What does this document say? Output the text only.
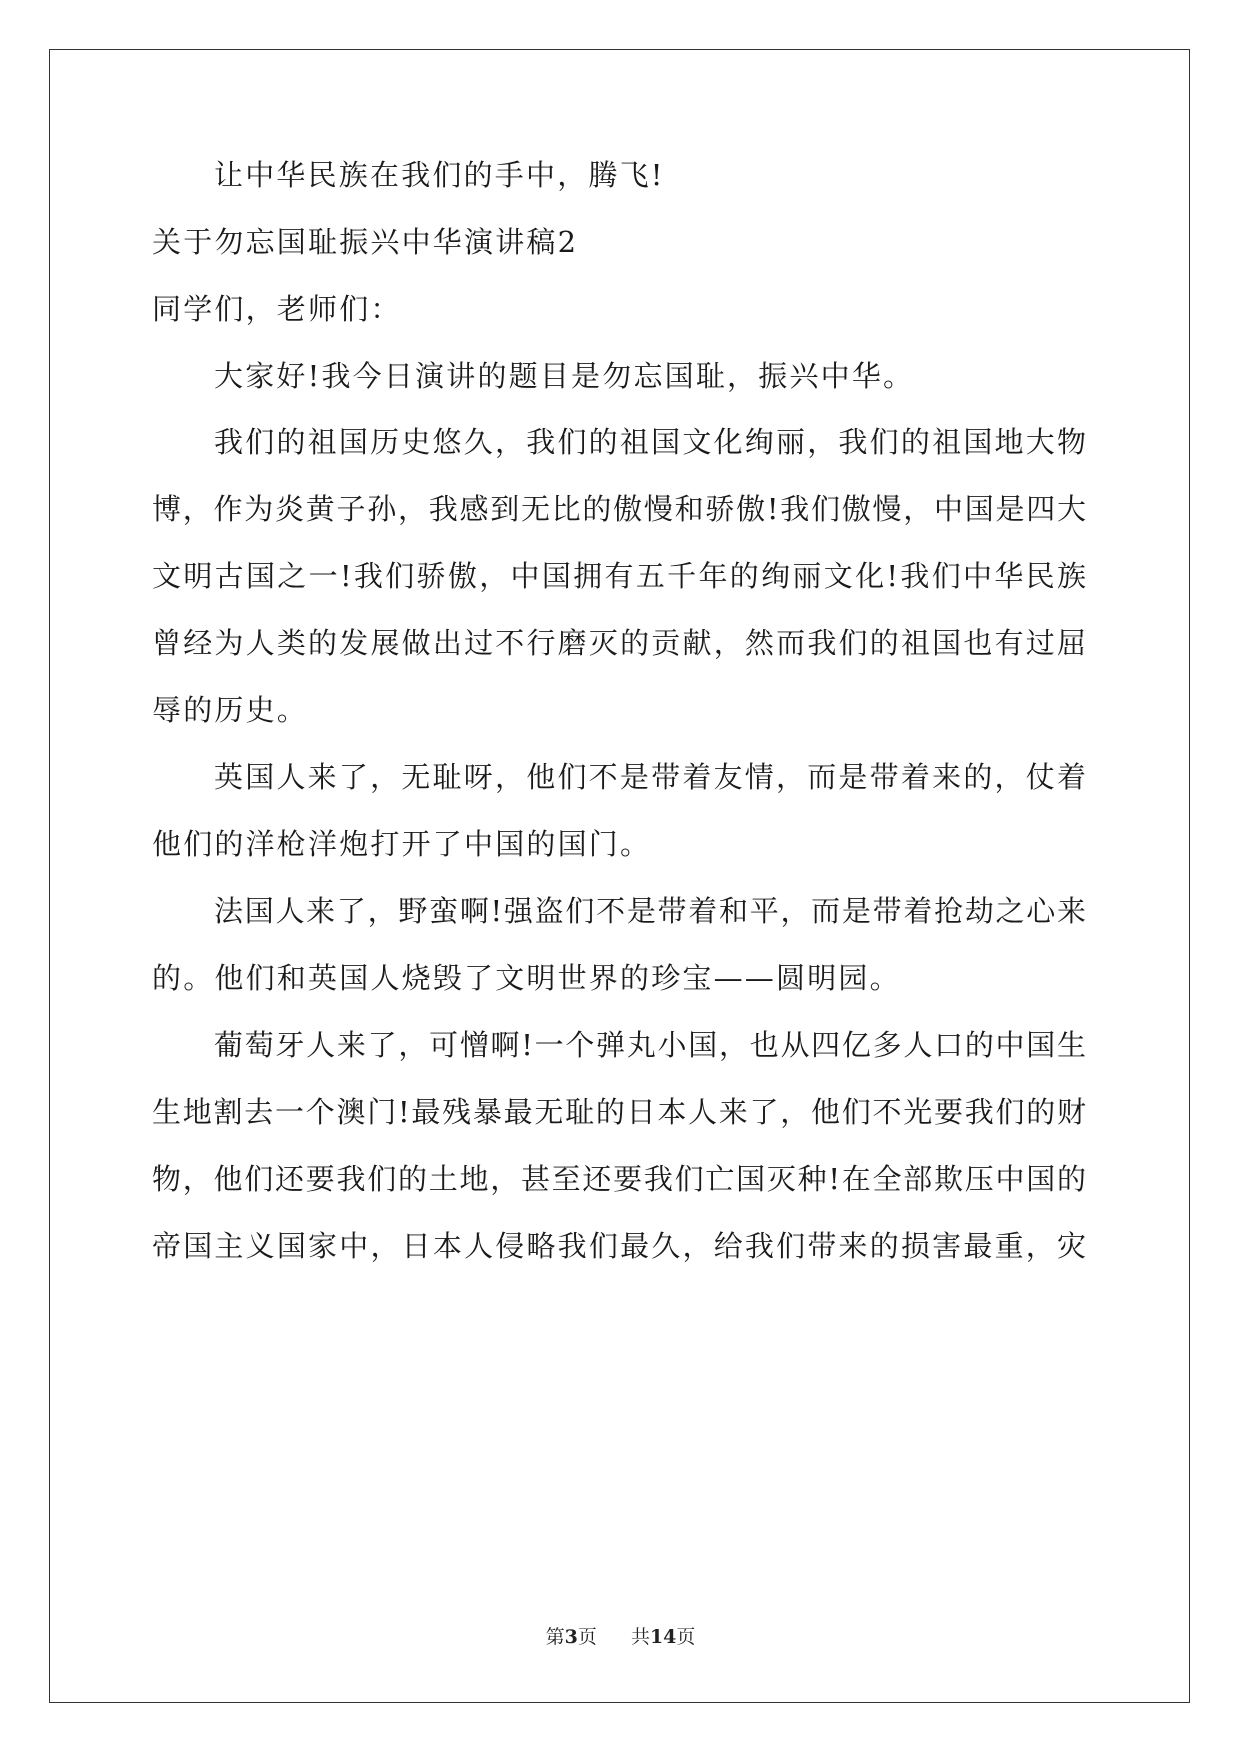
让中华民族在我们的手中，腾飞!
关于勿忘国耻振兴中华演讲稿2
同学们，老师们：
大家好!我今日演讲的题目是勿忘国耻，振兴中华。
我们的祖国历史悠久，我们的祖国文化绚丽，我们的祖国地大物
博，作为炎黄子孙，我感到无比的傲慢和骄傲!我们傲慢，中国是四大
文明古国之一!我们骄傲，中国拥有五千年的绚丽文化!我们中华民族
曾经为人类的发展做出过不行磨灭的贡献，然而我们的祖国也有过屈
辱的历史。
英国人来了，无耻呀，他们不是带着友情，而是带着来的，仗着
他们的洋枪洋炮打开了中国的国门。
法国人来了，野蛮啊!强盗们不是带着和平，而是带着抢劫之心来
的。他们和英国人烧毁了文明世界的珍宝——圆明园。
葡萄牙人来了，可憎啊!一个弹丸小国，也从四亿多人口的中国生
生地割去一个澳门!最残暴最无耻的日本人来了，他们不光要我们的财
物，他们还要我们的土地，甚至还要我们亡国灭种!在全部欺压中国的
帝国主义国家中，日本人侵略我们最久，给我们带来的损害最重，灾
第3页 共14页
